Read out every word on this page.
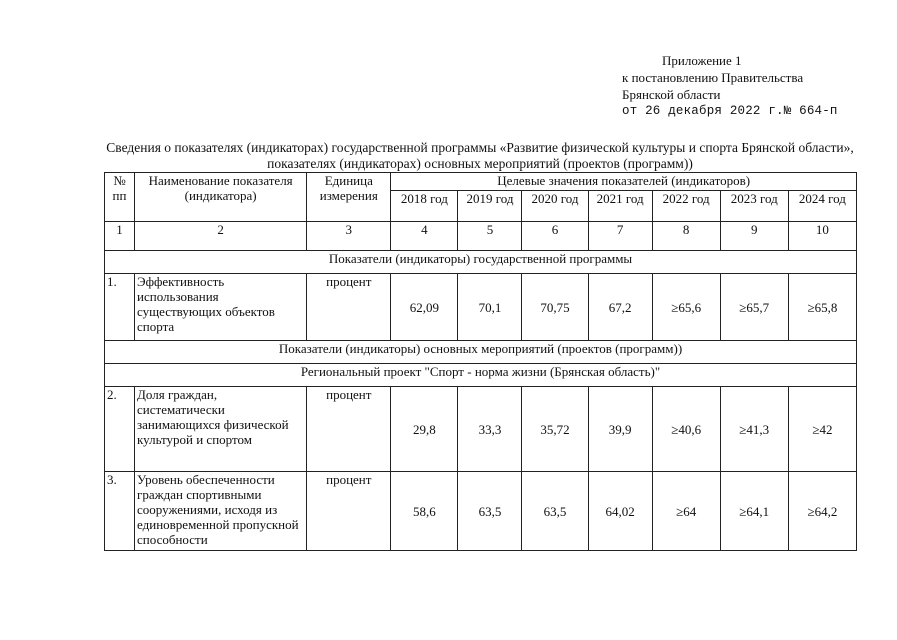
Приложение 1
к постановлению Правительства
Брянской области
от 26 декабря 2022 г.№ 664-п
Сведения о показателях (индикаторах) государственной программы «Развитие физической культуры и спорта Брянской области», показателях (индикаторах) основных мероприятий (проектов (программ))
№ пп	Наименование показателя (индикатора)	Единица измерения	Целевые значения показателей (индикаторов)						
			2018 год	2019 год	2020 год	2021 год	2022 год	2023 год	2024 год
1	2	3	4	5	6	7	8	9	10
Показатели (индикаторы) государственной программы									
1.	Эффективность использования существующих объектов спорта	процент	62,09	70,1	70,75	67,2	≥65,6	≥65,7	≥65,8
Показатели (индикаторы) основных мероприятий (проектов (программ))									
Региональный проект "Спорт - норма жизни (Брянская область)"									
2.	Доля граждан, систематически занимающихся физической культурой и спортом	процент	29,8	33,3	35,72	39,9	≥40,6	≥41,3	≥42
3.	Уровень обеспеченности граждан спортивными сооружениями, исходя из единовременной пропускной способности	процент	58,6	63,5	63,5	64,02	≥64	≥64,1	≥64,2
